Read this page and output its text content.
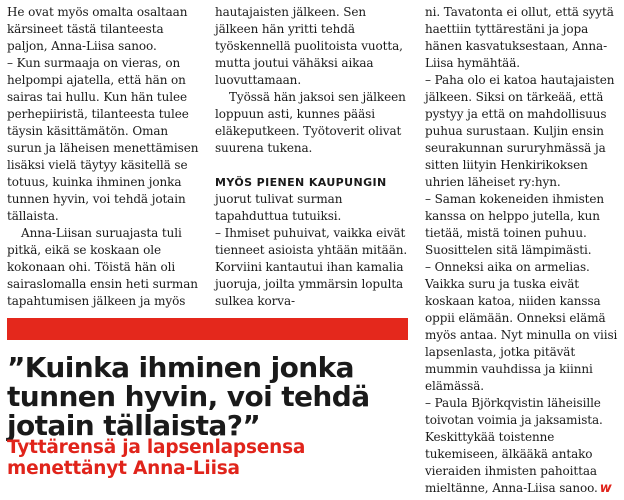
He ovat myös omalta osaltaan kärsineet tästä tilanteesta paljon, Anna-Liisa sanoo.

– Kun surmaaja on vieras, on helpompi ajatella, että hän on sairas tai hullu. Kun hän tulee perhepiiristä, tilanteesta tulee täysin käsittämätön. Oman surun ja läheisen menettämisen lisäksi vielä täytyy käsitellä se totuus, kuinka ihminen jonka tunnen hyvin, voi tehdä jotain tällaista.

Anna-Liisan suruajasta tuli pitkä, eikä se koskaan ole kokonaan ohi. Töistä hän oli sairaslomalla ensin heti surman tapahtumisen jälkeen ja myös

hautajaisten jälkeen. Sen jälkeen hän yritti tehdä työskennellä puolitoista vuotta, mutta joutui vähäksi aikaa luovuttamaan.

Työssä hän jaksoi sen jälkeen loppuun asti, kunnes pääsi eläkeputkeen. Työtoverit olivat suurena tukena.

MYÖS PIENEN KAUPUNGIN

juorut tulivat surman tapahduttua tutuiksi.

– Ihmiset puhuivat, vaikka eivät tienneet asioista yhtään mitään. Korviini kantautui ihan kamalia juoruja, joilta ymmärsin lopulta sulkea korva-

ni. Tavatonta ei ollut, että syytä haettiin tyttärestäni ja jopa hänen kasvatuksestaan, Anna-Liisa hymähtää.

– Paha olo ei katoa hautajaisten jälkeen. Siksi on tärkeää, että pystyy ja että on mahdollisuus puhua surustaan. Kuljin ensin seurakunnan sururyhmässä ja sitten liityin Henkirikoksen uhrien läheiset ry:hyn.

– Saman kokeneiden ihmisten kanssa on helppo jutella, kun tietää, mistä toinen puhuu. Suosittelen sitä lämpimästi.

– Onneksi aika on armelias. Vaikka suru ja tuska eivät koskaan katoa, niiden kanssa oppii elämään. Onneksi elämä myös antaa. Nyt minulla on viisi lapsenlasta, jotka pitävät mummin vauhdissa ja kiinni elämässä.

– Paula Björkqvistin läheisille toivotan voimia ja jaksamista. Keskittykää toistenne tukemiseen, älkääkä antako vieraiden ihmisten pahoittaa mieltänne, Anna-Liisa sanoo. w

”Kuinka ihminen jonka tunnen hyvin, voi tehdä jotain tällaista?”
Tyttärensä ja lapsenlapsensa menettänyt Anna-Liisa
